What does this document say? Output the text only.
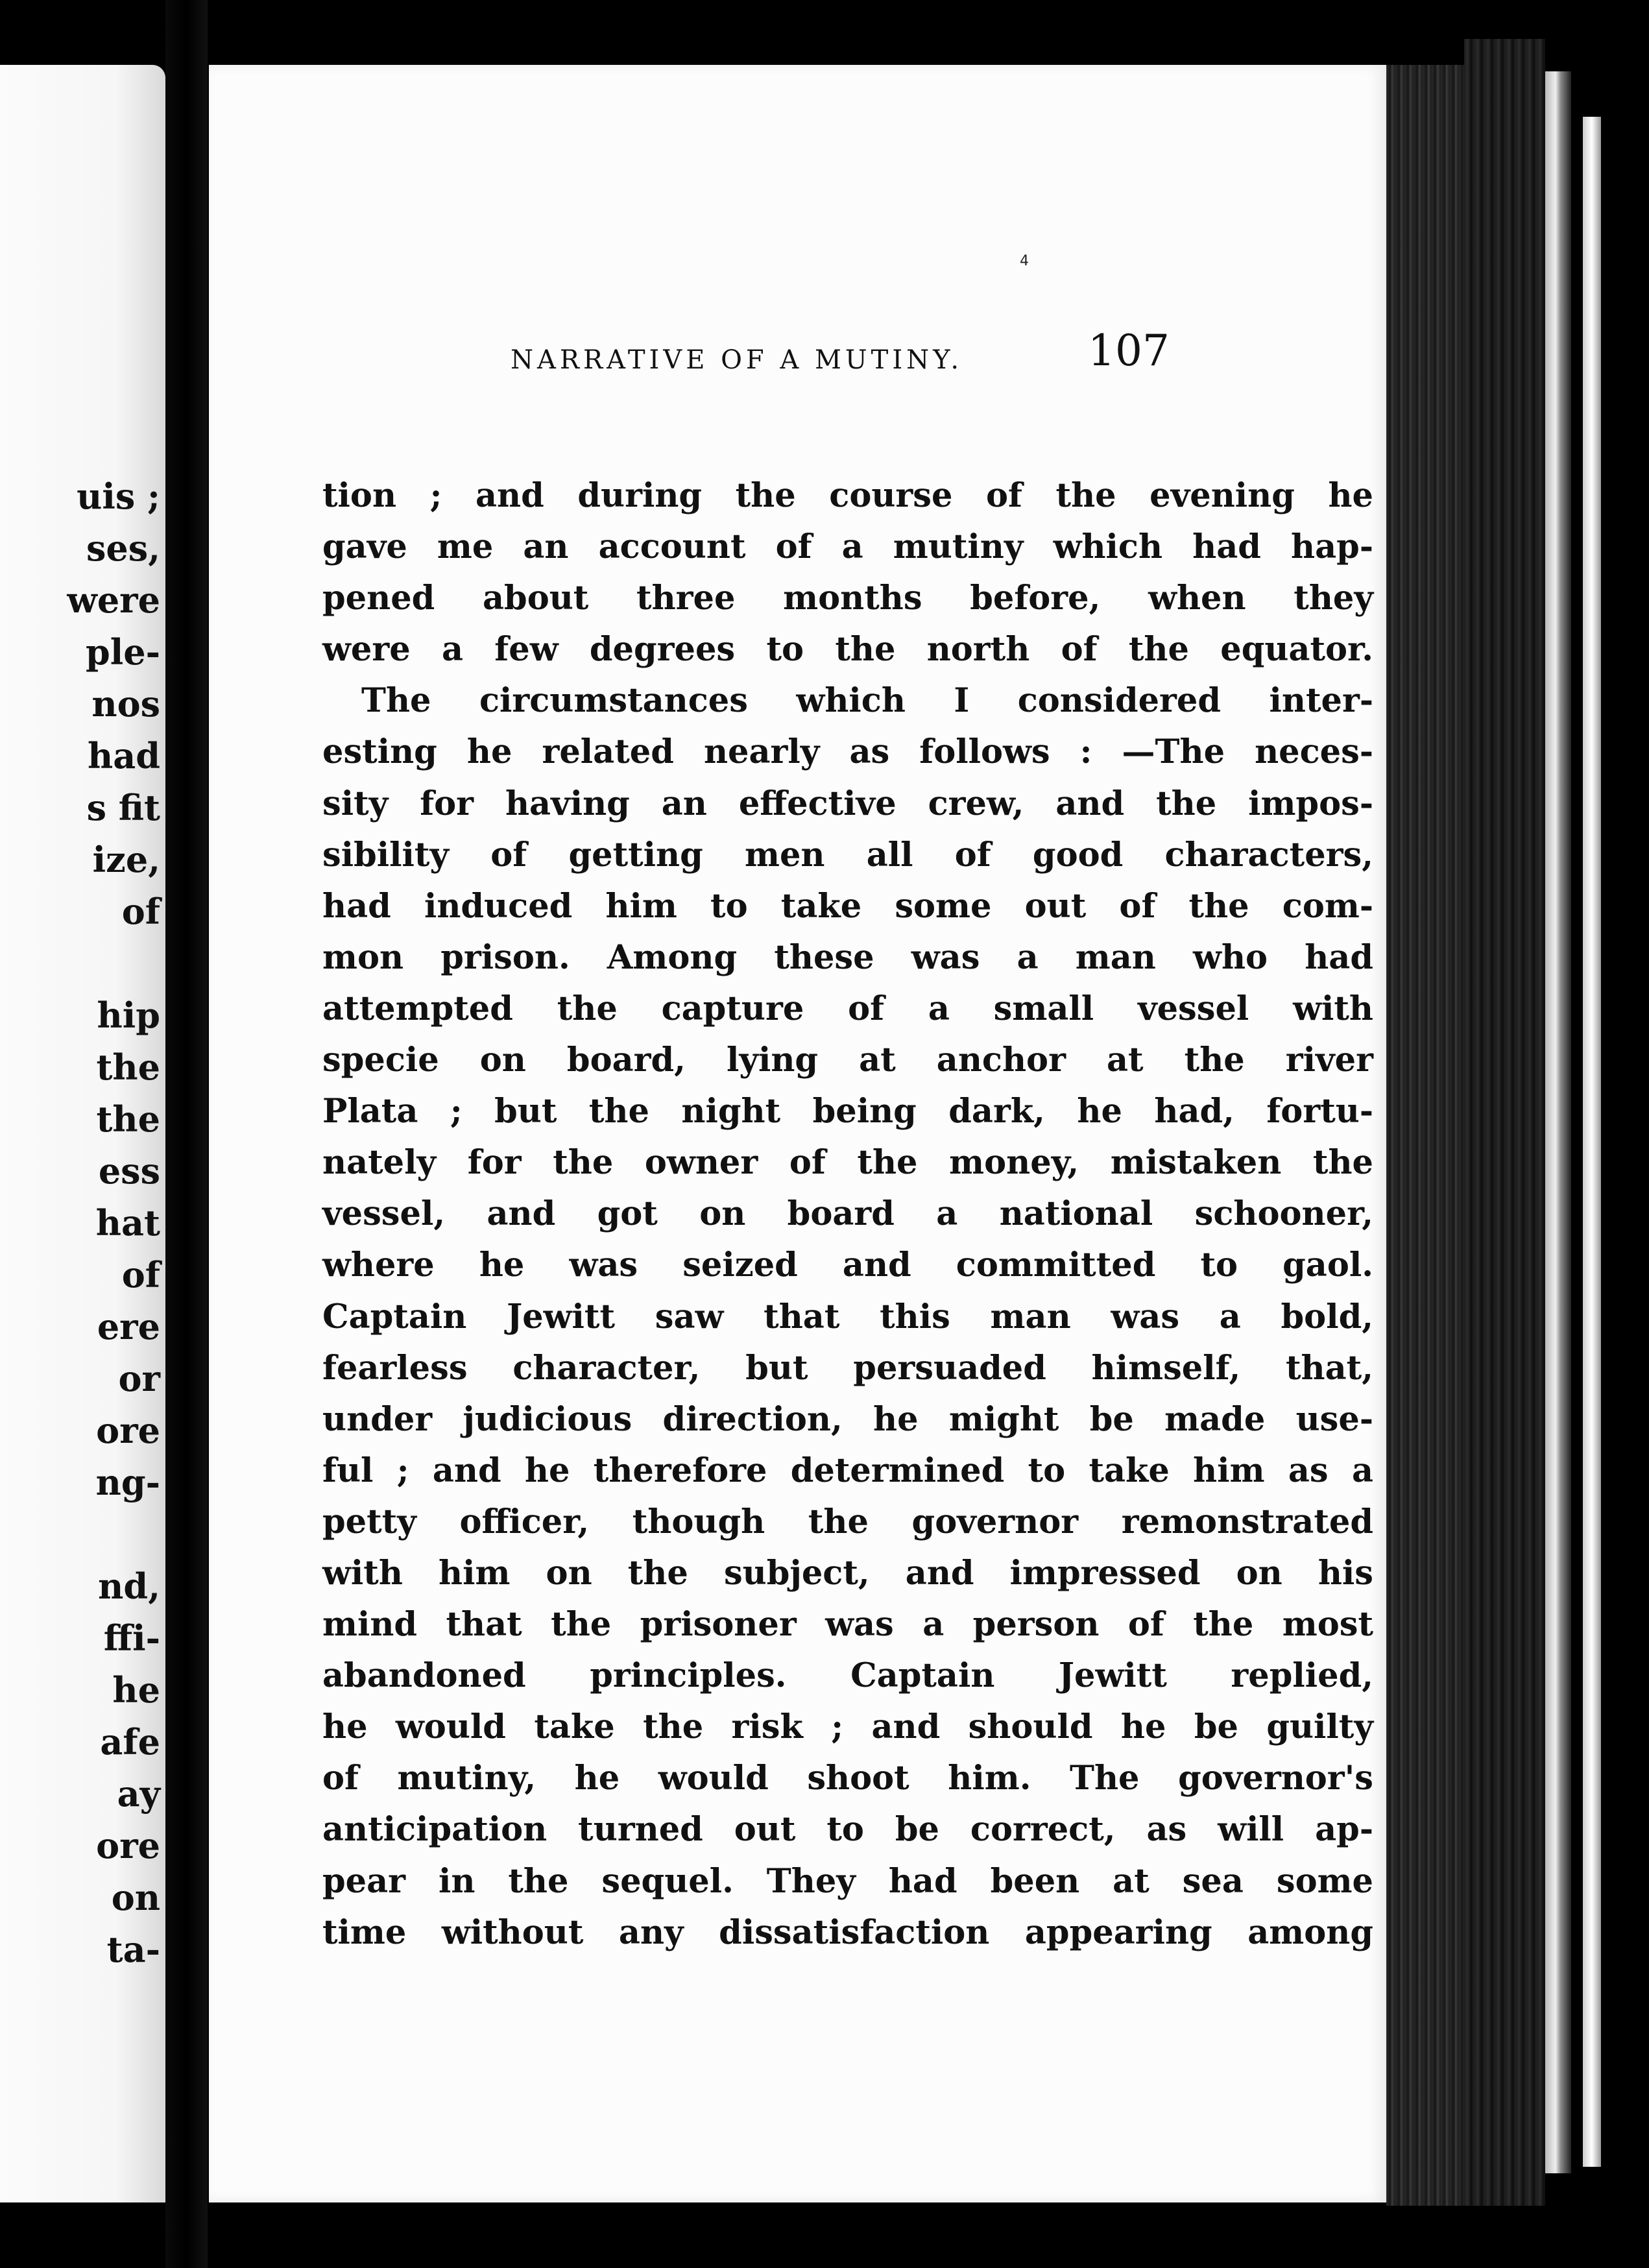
uis ;
ses,
were
ple-
nos
had
s fit
ize,
of
hip
the
the
ess
hat
of
ere
or
ore
ng-
nd,
ffi-
he
afe
ay
ore
on
ta-
4
NARRATIVE OF A MUTINY.	107
tion ; and during the course of the evening he
gave me an account of a mutiny which had hap-
pened about three months before, when they
were a few degrees to the north of the equator.
The circumstances which I considered inter-
esting he related nearly as follows : —The neces-
sity for having an effective crew, and the impos-
sibility of getting men all of good characters,
had induced him to take some out of the com-
mon prison. Among these was a man who had
attempted the capture of a small vessel with
specie on board, lying at anchor at the river
Plata ; but the night being dark, he had, fortu-
nately for the owner of the money, mistaken the
vessel, and got on board a national schooner,
where he was seized and committed to gaol.
Captain Jewitt saw that this man was a bold,
fearless character, but persuaded himself, that,
under judicious direction, he might be made use-
ful ; and he therefore determined to take him as a
petty officer, though the governor remonstrated
with him on the subject, and impressed on his
mind that the prisoner was a person of the most
abandoned principles. Captain Jewitt replied,
he would take the risk ; and should he be guilty
of mutiny, he would shoot him. The governor's
anticipation turned out to be correct, as will ap-
pear in the sequel. They had been at sea some
time without any dissatisfaction appearing among
